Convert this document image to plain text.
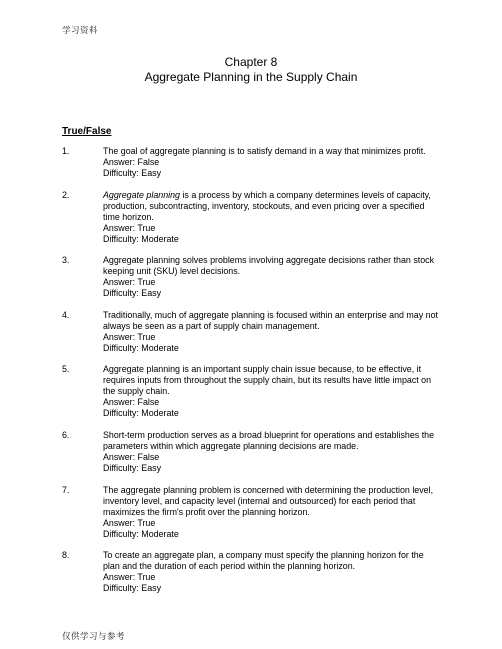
学习资料
Chapter 8
Aggregate Planning in the Supply Chain
True/False
1.	The goal of aggregate planning is to satisfy demand in a way that minimizes profit.
Answer: False
Difficulty: Easy
2.	Aggregate planning is a process by which a company determines levels of capacity, production, subcontracting, inventory, stockouts, and even pricing over a specified time horizon.
Answer: True
Difficulty: Moderate
3.	Aggregate planning solves problems involving aggregate decisions rather than stock keeping unit (SKU) level decisions.
Answer: True
Difficulty: Easy
4.	Traditionally, much of aggregate planning is focused within an enterprise and may not always be seen as a part of supply chain management.
Answer: True
Difficulty: Moderate
5.	Aggregate planning is an important supply chain issue because, to be effective, it requires inputs from throughout the supply chain, but its results have little impact on the supply chain.
Answer: False
Difficulty: Moderate
6.	Short-term production serves as a broad blueprint for operations and establishes the parameters within which aggregate planning decisions are made.
Answer: False
Difficulty: Easy
7.	The aggregate planning problem is concerned with determining the production level, inventory level, and capacity level (internal and outsourced) for each period that maximizes the firm's profit over the planning horizon.
Answer: True
Difficulty: Moderate
8.	To create an aggregate plan, a company must specify the planning horizon for the plan and the duration of each period within the planning horizon.
Answer: True
Difficulty: Easy
仅供学习与参考
